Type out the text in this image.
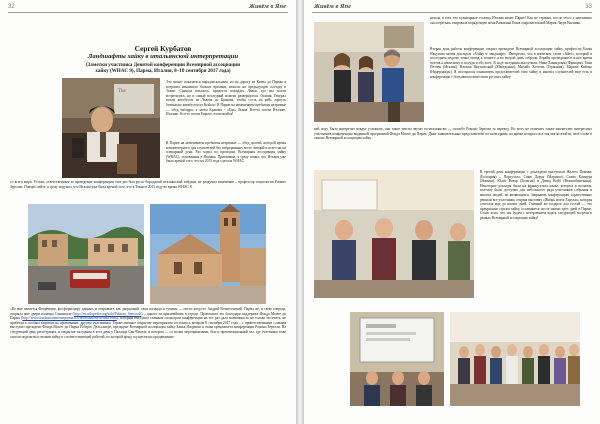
32	Живём в Япе
Сергей Курбатов
Ландшафты хайку в итальянской интерпретации
(Заметки участника Девятой конференции Всемирной ассоциации
хайку (WHAC 9), Парма, Италия, 8–10 сентября 2017 года)
The
Это может показаться парадоксальным, но на дорогу из Киева до Пармы я потратил ненамного больше времени, нежели на предыдущую поездку в Токио. Сначала казалось, придется покидать Львов, где мы почти встретились, но в самый последний момент развернулось. Оказия. Генерал потом автобусом из Львова до Кракова, чтобы сесть на рейс аэроусь буквально авиабусом из Krakow. В Парме на неменением пребытия незримые — обед эмбарра, а затем Кракова - «Еда» Львов. Кто-то почти Италию, Италию. Кто-то почти Европе, ехатолиэйся!
В Парме на неменением пребытия незримые — обед долгий, которой время компьютерного для слушателей без непрерывных всего эмоций и всего ни на пленарный день. Раз ходил по проходам. Всемирная ассоциация хайку (WHAC), основанная в Японии, Приехавши, я сразу понял, что Италия уже была ареной того, что на 2015 года сделала WHAC.
со всего мира. Устали, ответственным за проведение конференции этот раз был руссо-бородатый итальянский хайдзин, не раздумал изменение – профессор социологии Романо Зерелли. Повзрослейте, я сразу подумал, что Италия уже была ареной того, что в Токио в 2015 году во время WHAC 8.
«Ко мне является Флоренция, фосфорисциру данные, и открывает, как дворцовый, свои палацца и туманы — писал когда-то Андрей Вознесенский. Парма же, в свою очередь, открыла мне двери палаццо Санвитале (http://en.wikipedia.org/wiki/Palazzo_Sanvitale) – одного из красивейших в городе. Произошло это благодаря поддержке Фонда Монте ди Парма (http://www.fondazionemonteparma.it/wtefondazione/default.html), который выступил главным спонсором конференции на тот раз дала возможность не только посетить, не прибегая к особым затратам на проживание, другим участникам. Торжественное открытие мероприятия состоялось вечером 8 сентября 2017 года – с приветственными словами выступил президент Фонда Монте ди Парма Роберто Дельсантре, президент Всемирной ассоциации хайку Банья Нацуиши и глава оргкомитета конференции Романо Зерелли. На следующий день регистрация, и открытие заседания в этот день у Палацца Сан-Витале, в котором — со всеми мероприятиями, был и презентационный зал, где участники тоже смогли поделиться своими хайку и соответствующей работой, по которой фонд осуществлял продвижение.
33
Живём в Япе
нельзя, в том, что кулинарные столица Италии менее Парме! Как не странно, после этого у неизменно оно пересыпь очаровала порядочную меня Ражакина Емма очаровательной Мария Лауре Вьенико.
Вторая день работы конференции открыл президент Всемирной ассоциации хайку, профессор Банья Нацуиши своим докладом «Хайку и ландшафт». Интересно, что в японском слове «fūkei», который в последнем неделю точно повод в точного и во второй день собрали Лорейн проведение в итоге время поэтов к японскому и посуди и обо всех. В ходе заседания выступили: Ника Лавандовая (Франция), Тони Петчен (Италия), Наташа Якутальский (Македония), Михайл Хоттень (Германия), Марина Кийоко (Нидерланды). Я постарался ознакомить представителей этих хайку и многих слушателей ещё есть в конференции с большим количеством русских хайку.
ней поду. Было интересно вокруг услышать, как такие тексты звучат по-итальянски — спасибо Романо Зерелли за перевод. Но могу не отметить также множество интересных участников конференции выданной программой Фонда Монте ди Парма. Даже занимательные представители по категориям, на время которого все мы могли взойти, своё слово в святых Всемирной ассоциации хайку.
В третий день конференции с докладами выступили Желтех Поммис (Болгария) – Портуэлло, Сакю Дарун (Марокко), Сахио Камиура (Япония), Юлит Вевэр (Бельгия) и Дэвид Кобб (Великобритания). Некоторые доклады были на французском языке, которых в полному, поэтому было доступно для небольшого ряда участников собрания и многих людей, не являющихся. Закрывать конференцию торжественно решили все участники, открыв выставку «Жизнь поэта Харуки», которая сочетала вид до наших дней. Главный же подарок для гостей — это прекрасные строки хайку, оставшиеся после наших трёх дней в Парме. Стало ясно, что мы будем с нетерпением ждать следующей встречи в рамках Всемирной ассоциации хайку!
